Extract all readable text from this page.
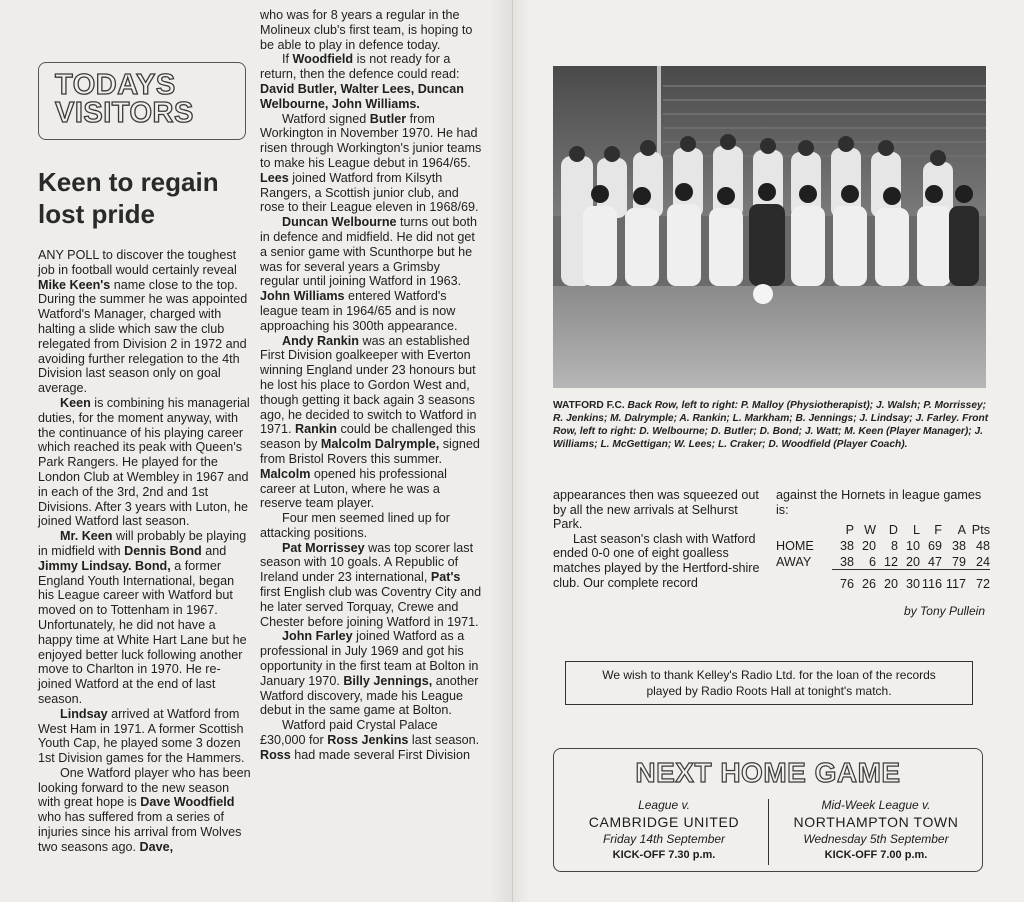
TODAYS
VISITORS
Keen to regain
lost pride

ANY POLL to discover the toughest job in football would certainly reveal Mike Keen's name close to the top. During the summer he was appointed Watford's Manager, charged with halting a slide which saw the club relegated from Division 2 in 1972 and avoiding further relegation to the 4th Division last season only on goal average.

Keen is combining his managerial duties, for the moment anyway, with the continuance of his playing career which reached its peak with Queen's Park Rangers. He played for the London Club at Wembley in 1967 and in each of the 3rd, 2nd and 1st Divisions. After 3 years with Luton, he joined Watford last season.

Mr. Keen will probably be playing in midfield with Dennis Bond and Jimmy Lindsay. Bond, a former England Youth International, began his League career with Watford but moved on to Tottenham in 1967. Unfortunately, he did not have a happy time at White Hart Lane but he enjoyed better luck following another move to Charlton in 1970. He re-joined Watford at the end of last season.

Lindsay arrived at Watford from West Ham in 1971. A former Scottish Youth Cap, he played some 3 dozen 1st Division games for the Hammers.

One Watford player who has been looking forward to the new season with great hope is Dave Woodfield who has suffered from a series of injuries since his arrival from Wolves two seasons ago. Dave,

who was for 8 years a regular in the Molineux club's first team, is hoping to be able to play in defence today.

If Woodfield is not ready for a return, then the defence could read: David Butler, Walter Lees, Duncan Welbourne, John Williams.

Watford signed Butler from Workington in November 1970. He had risen through Workington's junior teams to make his League debut in 1964/65. Lees joined Watford from Kilsyth Rangers, a Scottish junior club, and rose to their League eleven in 1968/69.

Duncan Welbourne turns out both in defence and midfield. He did not get a senior game with Scunthorpe but he was for several years a Grimsby regular until joining Watford in 1963. John Williams entered Watford's league team in 1964/65 and is now approaching his 300th appearance.

Andy Rankin was an established First Division goalkeeper with Everton winning England under 23 honours but he lost his place to Gordon West and, though getting it back again 3 seasons ago, he decided to switch to Watford in 1971. Rankin could be challenged this season by Malcolm Dalrymple, signed from Bristol Rovers this summer. Malcolm opened his professional career at Luton, where he was a reserve team player.

Four men seemed lined up for attacking positions.

Pat Morrissey was top scorer last season with 10 goals. A Republic of Ireland under 23 international, Pat's first English club was Coventry City and he later served Torquay, Crewe and Chester before joining Watford in 1971.

John Farley joined Watford as a professional in July 1969 and got his opportunity in the first team at Bolton in January 1970. Billy Jennings, another Watford discovery, made his League debut in the same game at Bolton.

Watford paid Crystal Palace £30,000 for Ross Jenkins last season. Ross had made several First Division

WATFORD F.C. Back Row, left to right: P. Malloy (Physiotherapist); J. Walsh; P. Morrissey; R. Jenkins; M. Dalrymple; A. Rankin; L. Markham; B. Jennings; J. Lindsay; J. Farley. Front Row, left to right: D. Welbourne; D. Butler; D. Bond; J. Watt; M. Keen (Player Manager); J. Williams; L. McGettigan; W. Lees; L. Craker; D. Woodfield (Player Coach).

appearances then was squeezed out by all the new arrivals at Selhurst Park.

Last season's clash with Watford ended 0-0 one of eight goalless matches played by the Hertford-shire club. Our complete record

against the Hornets in league games is:

P W	D	L	F	A Pts
HOME	38 20	8 10 69 38 48
AWAY	38	6 12 20 47 79 24
76 26 20 30 116 117 72
by Tony Pullein
We wish to thank Kelley's Radio Ltd. for the loan of the records
played by Radio Roots Hall at tonight's match.
NEXT HOME GAME
League v.
CAMBRIDGE UNITED
Friday 14th September
KICK-OFF 7.30 p.m.
Mid-Week League v.
NORTHAMPTON TOWN
Wednesday 5th September
KICK-OFF 7.00 p.m.
